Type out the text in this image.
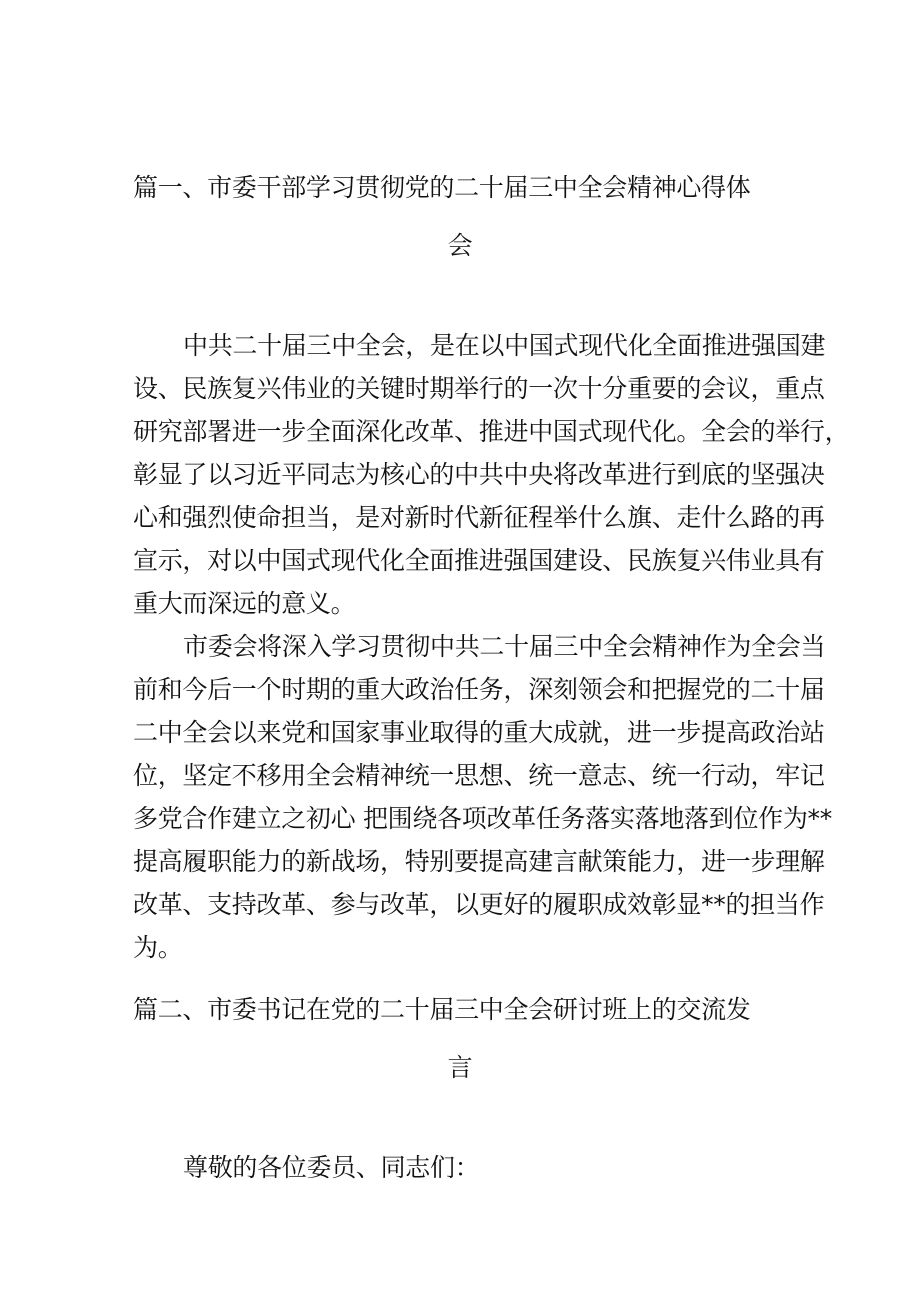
篇一、市委干部学习贯彻党的二十届三中全会精神心得体
会
中共二十届三中全会，是在以中国式现代化全面推进强国建
设、民族复兴伟业的关键时期举行的一次十分重要的会议，重点
研究部署进一步全面深化改革、推进中国式现代化。全会的举行，
彰显了以习近平同志为核心的中共中央将改革进行到底的坚强决
心和强烈使命担当，是对新时代新征程举什么旗、走什么路的再
宣示，对以中国式现代化全面推进强国建设、民族复兴伟业具有
重大而深远的意义。
市委会将深入学习贯彻中共二十届三中全会精神作为全会当
前和今后一个时期的重大政治任务，深刻领会和把握党的二十届
二中全会以来党和国家事业取得的重大成就，进一步提高政治站
位，坚定不移用全会精神统一思想、统一意志、统一行动，牢记
多党合作建立之初心 把围绕各项改革任务落实落地落到位作为**
提高履职能力的新战场，特别要提高建言献策能力，进一步理解
改革、支持改革、参与改革，以更好的履职成效彰显**的担当作
为。
篇二、市委书记在党的二十届三中全会研讨班上的交流发
言
尊敬的各位委员、同志们：
